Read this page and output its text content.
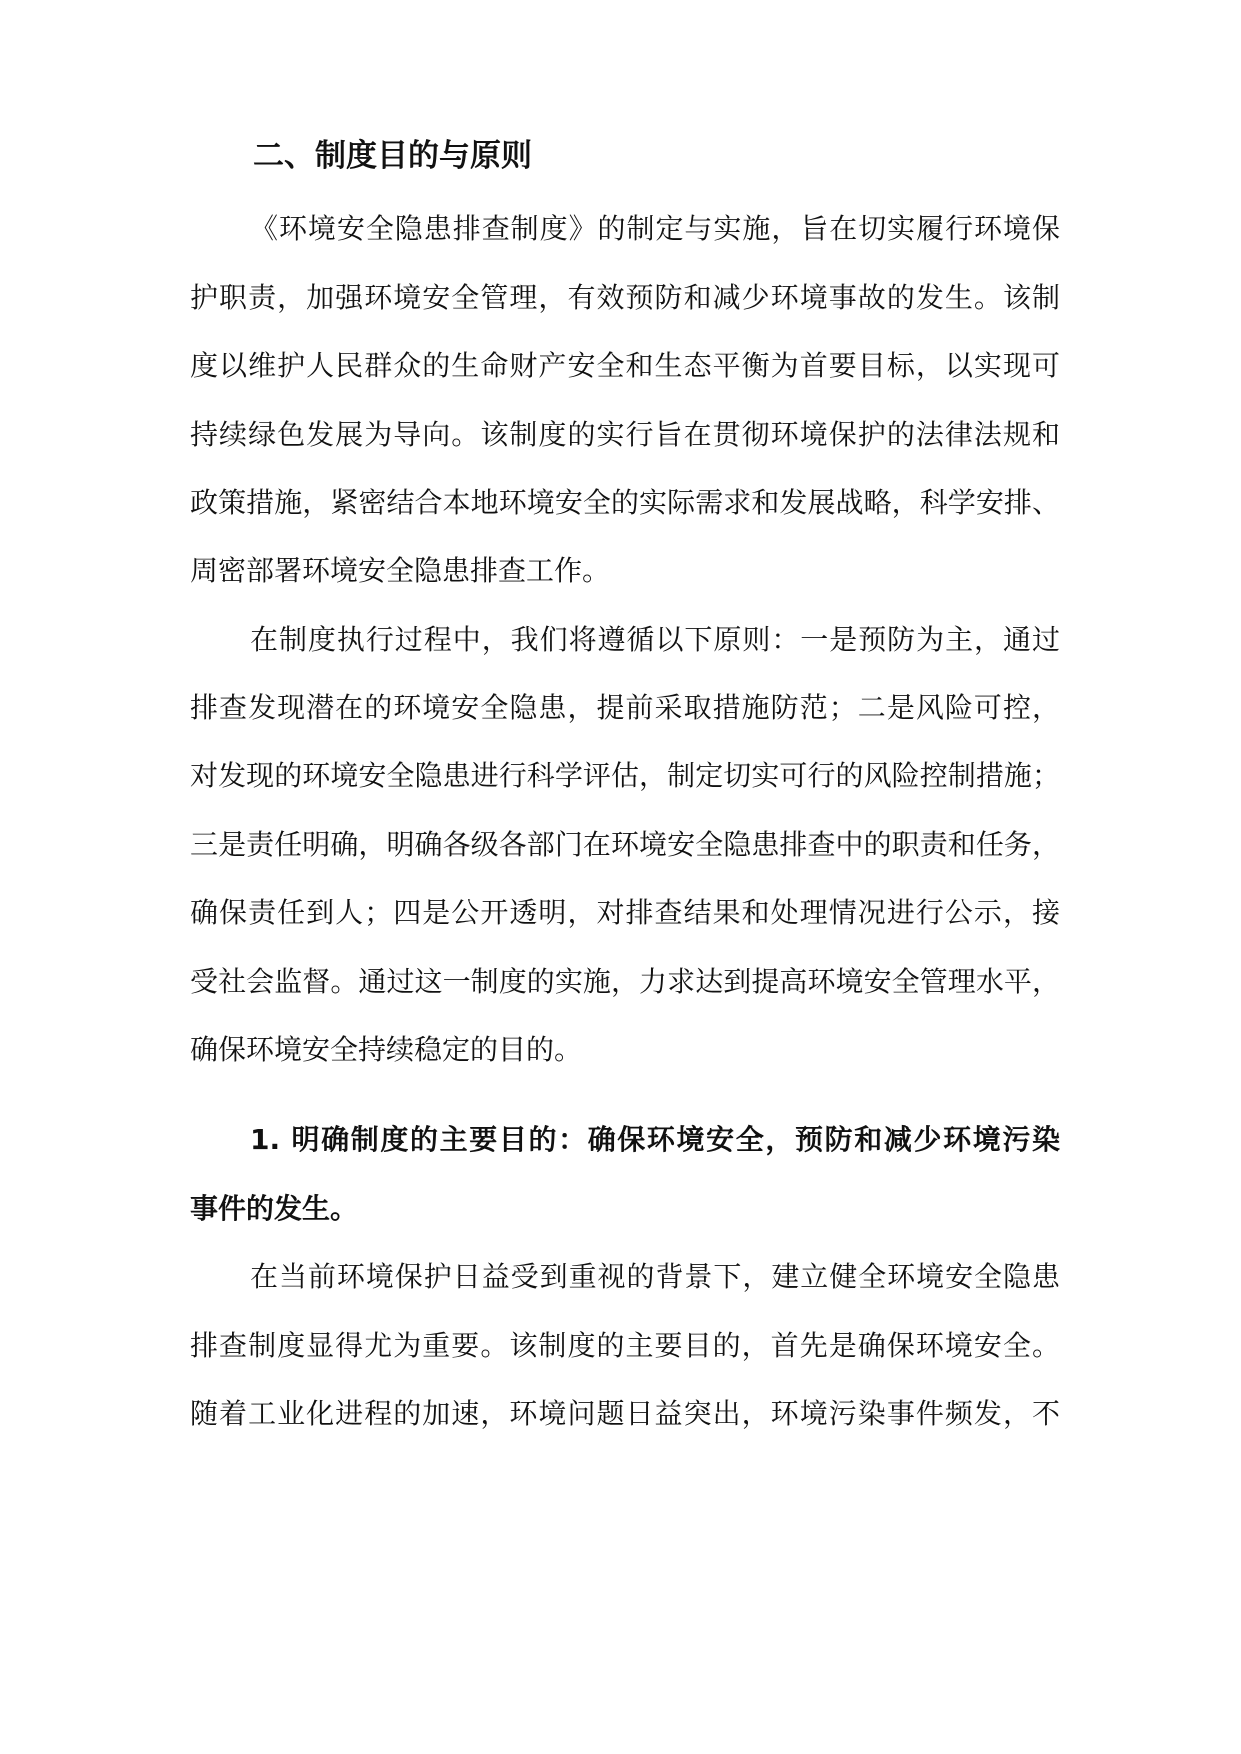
二、制度目的与原则
《环境安全隐患排查制度》的制定与实施，旨在切实履行环境保
护职责，加强环境安全管理，有效预防和减少环境事故的发生。该制
度以维护人民群众的生命财产安全和生态平衡为首要目标，以实现可
持续绿色发展为导向。该制度的实行旨在贯彻环境保护的法律法规和
政策措施，紧密结合本地环境安全的实际需求和发展战略，科学安排、
周密部署环境安全隐患排查工作。
在制度执行过程中，我们将遵循以下原则：一是预防为主，通过
排查发现潜在的环境安全隐患，提前采取措施防范；二是风险可控，
对发现的环境安全隐患进行科学评估，制定切实可行的风险控制措施；
三是责任明确，明确各级各部门在环境安全隐患排查中的职责和任务，
确保责任到人；四是公开透明，对排查结果和处理情况进行公示，接
受社会监督。通过这一制度的实施，力求达到提高环境安全管理水平，
确保环境安全持续稳定的目的。
1. 明确制度的主要目的：确保环境安全，预防和减少环境污染
事件的发生。
在当前环境保护日益受到重视的背景下，建立健全环境安全隐患
排查制度显得尤为重要。该制度的主要目的，首先是确保环境安全。
随着工业化进程的加速，环境问题日益突出，环境污染事件频发，不
